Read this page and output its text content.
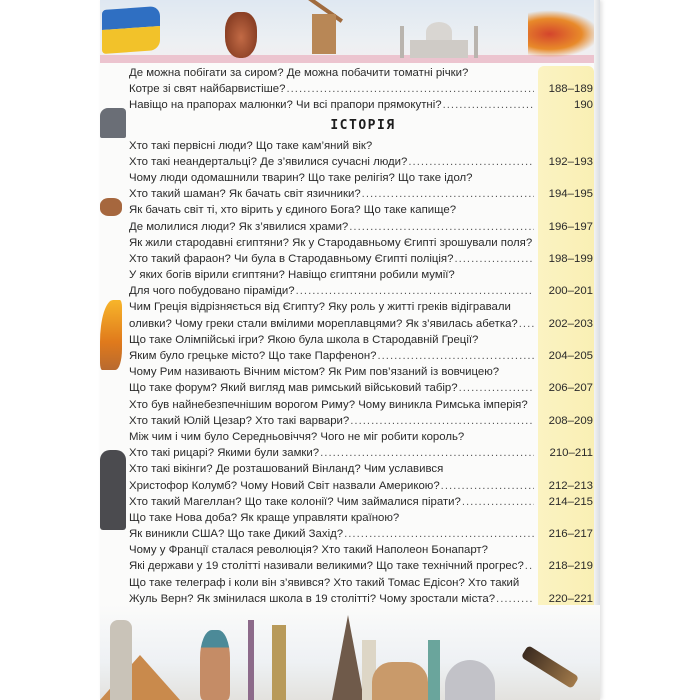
Де можна побігати за сиром? Де можна побачити томатні річки?
Котре зі свят найбарвистіше? .....	188–189
Навіщо на прапорах малюнки? Чи всі прапори прямокутні? .....	190
ІСТОРІЯ
Хто такі первісні люди? Що таке кам’яний вік?
Хто такі неандертальці? Де з’явилися сучасні люди? .....	192–193
Чому люди одомашнили тварин? Що таке релігія? Що таке ідол?
Хто такий шаман? Як бачать світ язичники? .....	194–195
Як бачать світ ті, хто вірить у єдиного Бога? Що таке капище?
Де молилися люди? Як з’явилися храми? .....	196–197
Як жили стародавні єгиптяни? Як у Стародавньому Єгипті зрошували поля?
Хто такий фараон? Чи була в Стародавньому Єгипті поліція? .....	198–199
У яких богів вірили єгиптяни? Навіщо єгиптяни робили мумії?
Для чого побудовано піраміди? .....	200–201
Чим Греція відрізняється від Єгипту? Яку роль у житті греків відігравали
оливки? Чому греки стали вмілими мореплавцями? Як з’явилась абетка? .....	202–203
Що таке Олімпійські ігри? Якою була школа в Стародавній Греції?
Яким було грецьке місто? Що таке Парфенон? .....	204–205
Чому Рим називають Вічним містом? Як Рим пов’язаний із вовчицею?
Що таке форум? Який вигляд мав римський військовий табір? .....	206–207
Хто був найнебезпечнішим ворогом Риму? Чому виникла Римська імперія?
Хто такий Юлій Цезар? Хто такі варвари? .....	208–209
Між чим і чим було Середньовіччя? Чого не міг робити король?
Хто такі рицарі? Якими були замки? .....	210–211
Хто такі вікінги? Де розташований Вінланд? Чим уславився
Христофор Колумб? Чому Новий Світ назвали Америкою? .....	212–213
Хто такий Магеллан? Що таке колонії? Чим займалися пірати? .....	214–215
Що таке Нова доба? Як краще управляти країною?
Як виникли США? Що таке Дикий Захід? .....	216–217
Чому у Франції сталася революція? Хто такий Наполеон Бонапарт?
Які держави у 19 столітті називали великими? Що таке технічний прогрес? .....	218–219
Що таке телеграф і коли він з’явився? Хто такий Томас Едісон? Хто такий
Жуль Верн? Як змінилася школа в 19 столітті? Чому зростали міста? .....	220–221
.....
